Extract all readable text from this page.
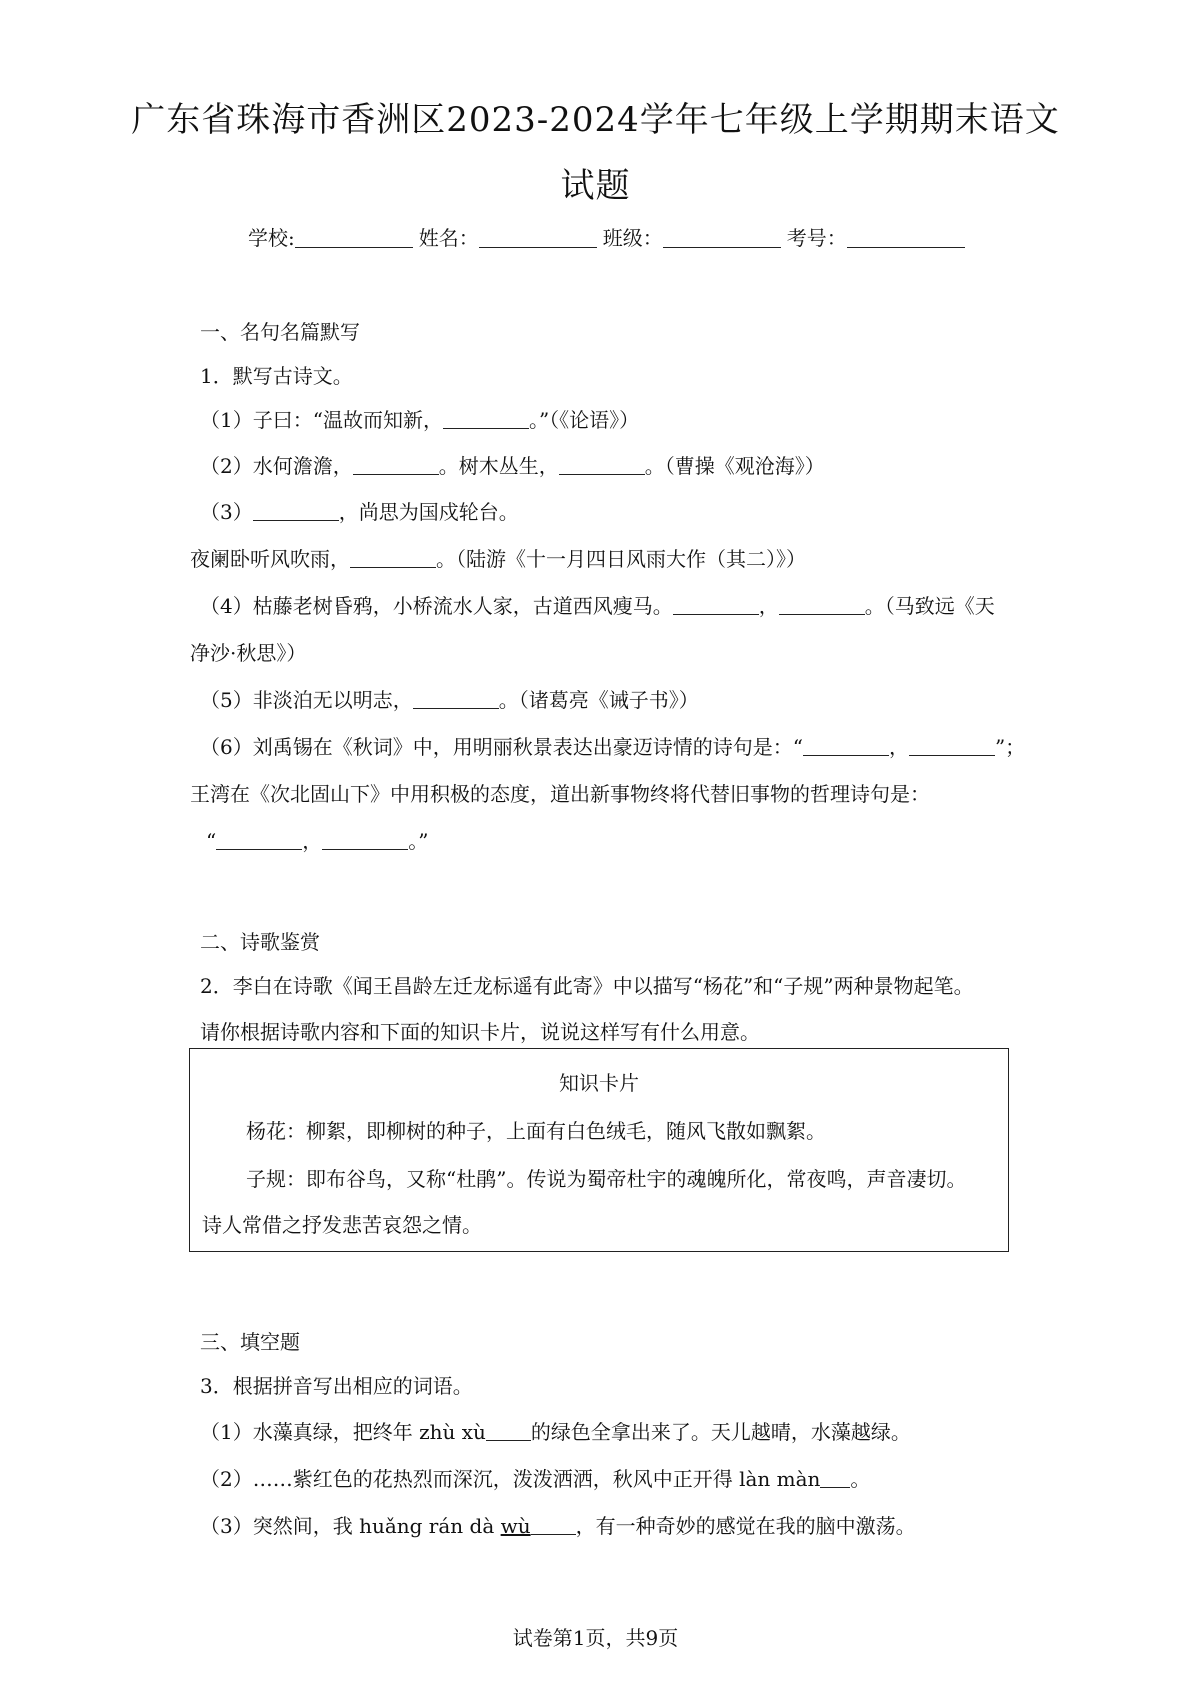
广东省珠海市香洲区2023-2024学年七年级上学期期末语文
试题
学校:	姓名：	班级：	考号：
一、名句名篇默写
1．默写古诗文。
（1）子曰：“温故而知新，	。”（《论语》）
（2）水何澹澹，	。树木丛生，	。（曹操《观沧海》）
（3）	，尚思为国戍轮台。
夜阑卧听风吹雨，	。（陆游《十一月四日风雨大作（其二）》）
（4）枯藤老树昏鸦，小桥流水人家，古道西风瘦马。	，	。（马致远《天
净沙·秋思》）
（5）非淡泊无以明志，	。（诸葛亮《诫子书》）
（6）刘禹锡在《秋词》中，用明丽秋景表达出豪迈诗情的诗句是：“	，	”；
王湾在《次北固山下》中用积极的态度，道出新事物终将代替旧事物的哲理诗句是：
“	，	。”
二、诗歌鉴赏
2．李白在诗歌《闻王昌龄左迁龙标遥有此寄》中以描写“杨花”和“子规”两种景物起笔。
请你根据诗歌内容和下面的知识卡片，说说这样写有什么用意。
知识卡片
杨花：柳絮，即柳树的种子，上面有白色绒毛，随风飞散如飘絮。
子规：即布谷鸟，又称“杜鹃”。传说为蜀帝杜宇的魂魄所化，常夜鸣，声音凄切。
诗人常借之抒发悲苦哀怨之情。
三、填空题
3．根据拼音写出相应的词语。
（1）水藻真绿，把终年 zhù xù 的绿色全拿出来了。天儿越晴，水藻越绿。
（2）……紫红色的花热烈而深沉，泼泼洒洒，秋风中正开得 làn màn 。
（3）突然间，我 huǎng rán dà wù ，有一种奇妙的感觉在我的脑中激荡。
试卷第1页，共9页
